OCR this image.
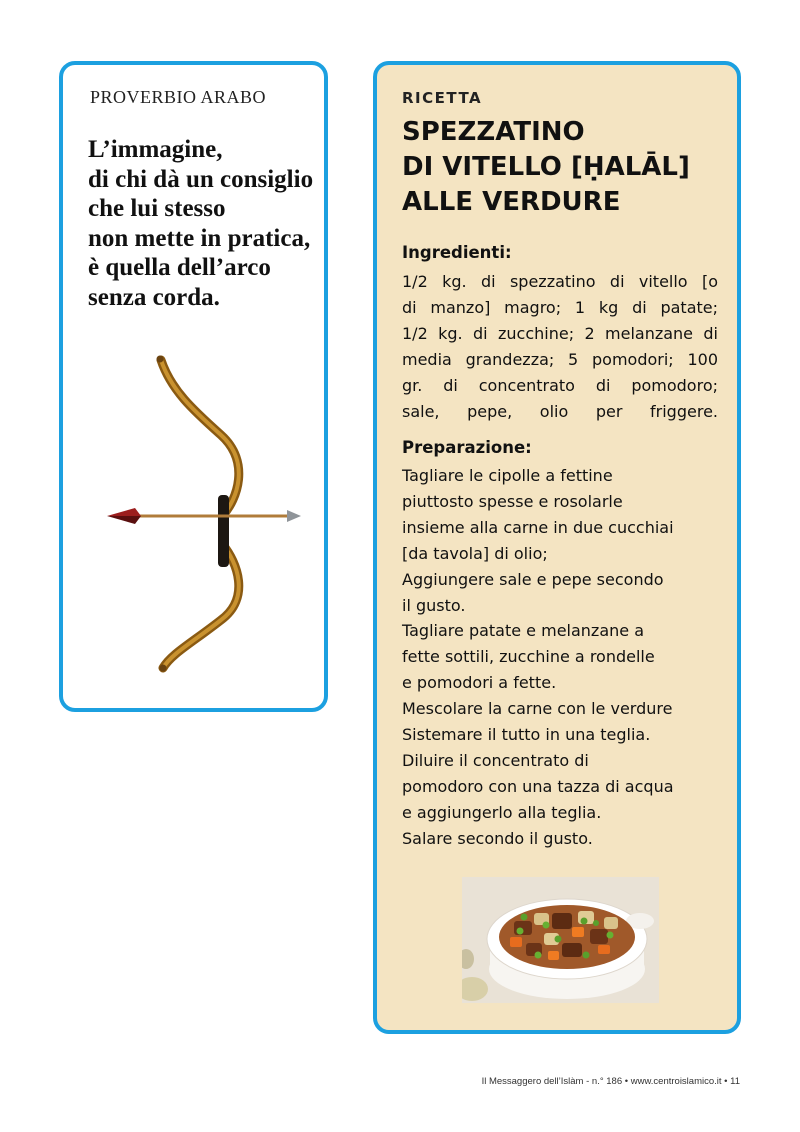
PROVERBIO ARABO

L’immagine,
di chi dà un consiglio
che lui stesso
non mette in pratica,
è quella dell’arco
senza corda.

RICETTA
SPEZZATINO
DI VITELLO [ḤALĀL]
ALLE VERDURE
Ingredienti:

1/2 kg. di spezzatino di vitello [o
di manzo] magro; 1 kg di patate;
1/2 kg. di zucchine; 2 melanzane di
media grandezza; 5 pomodori; 100
gr. di concentrato di pomodoro;
sale, pepe, olio per friggere.

Preparazione:

Tagliare le cipolle a fettine
piuttosto spesse e rosolarle
insieme alla carne in due cucchiai
[da tavola] di olio;
Aggiungere sale e pepe secondo
il gusto.
Tagliare patate e melanzane a
fette sottili, zucchine a rondelle
e pomodori a fette.
Mescolare la carne con le verdure
Sistemare il tutto in una teglia.
Diluire il concentrato di
pomodoro con una tazza di acqua
e aggiungerlo alla teglia.
Salare secondo il gusto.

Il Messaggero dell’Islàm - n.° 186 • www.centroislamico.it • 11
